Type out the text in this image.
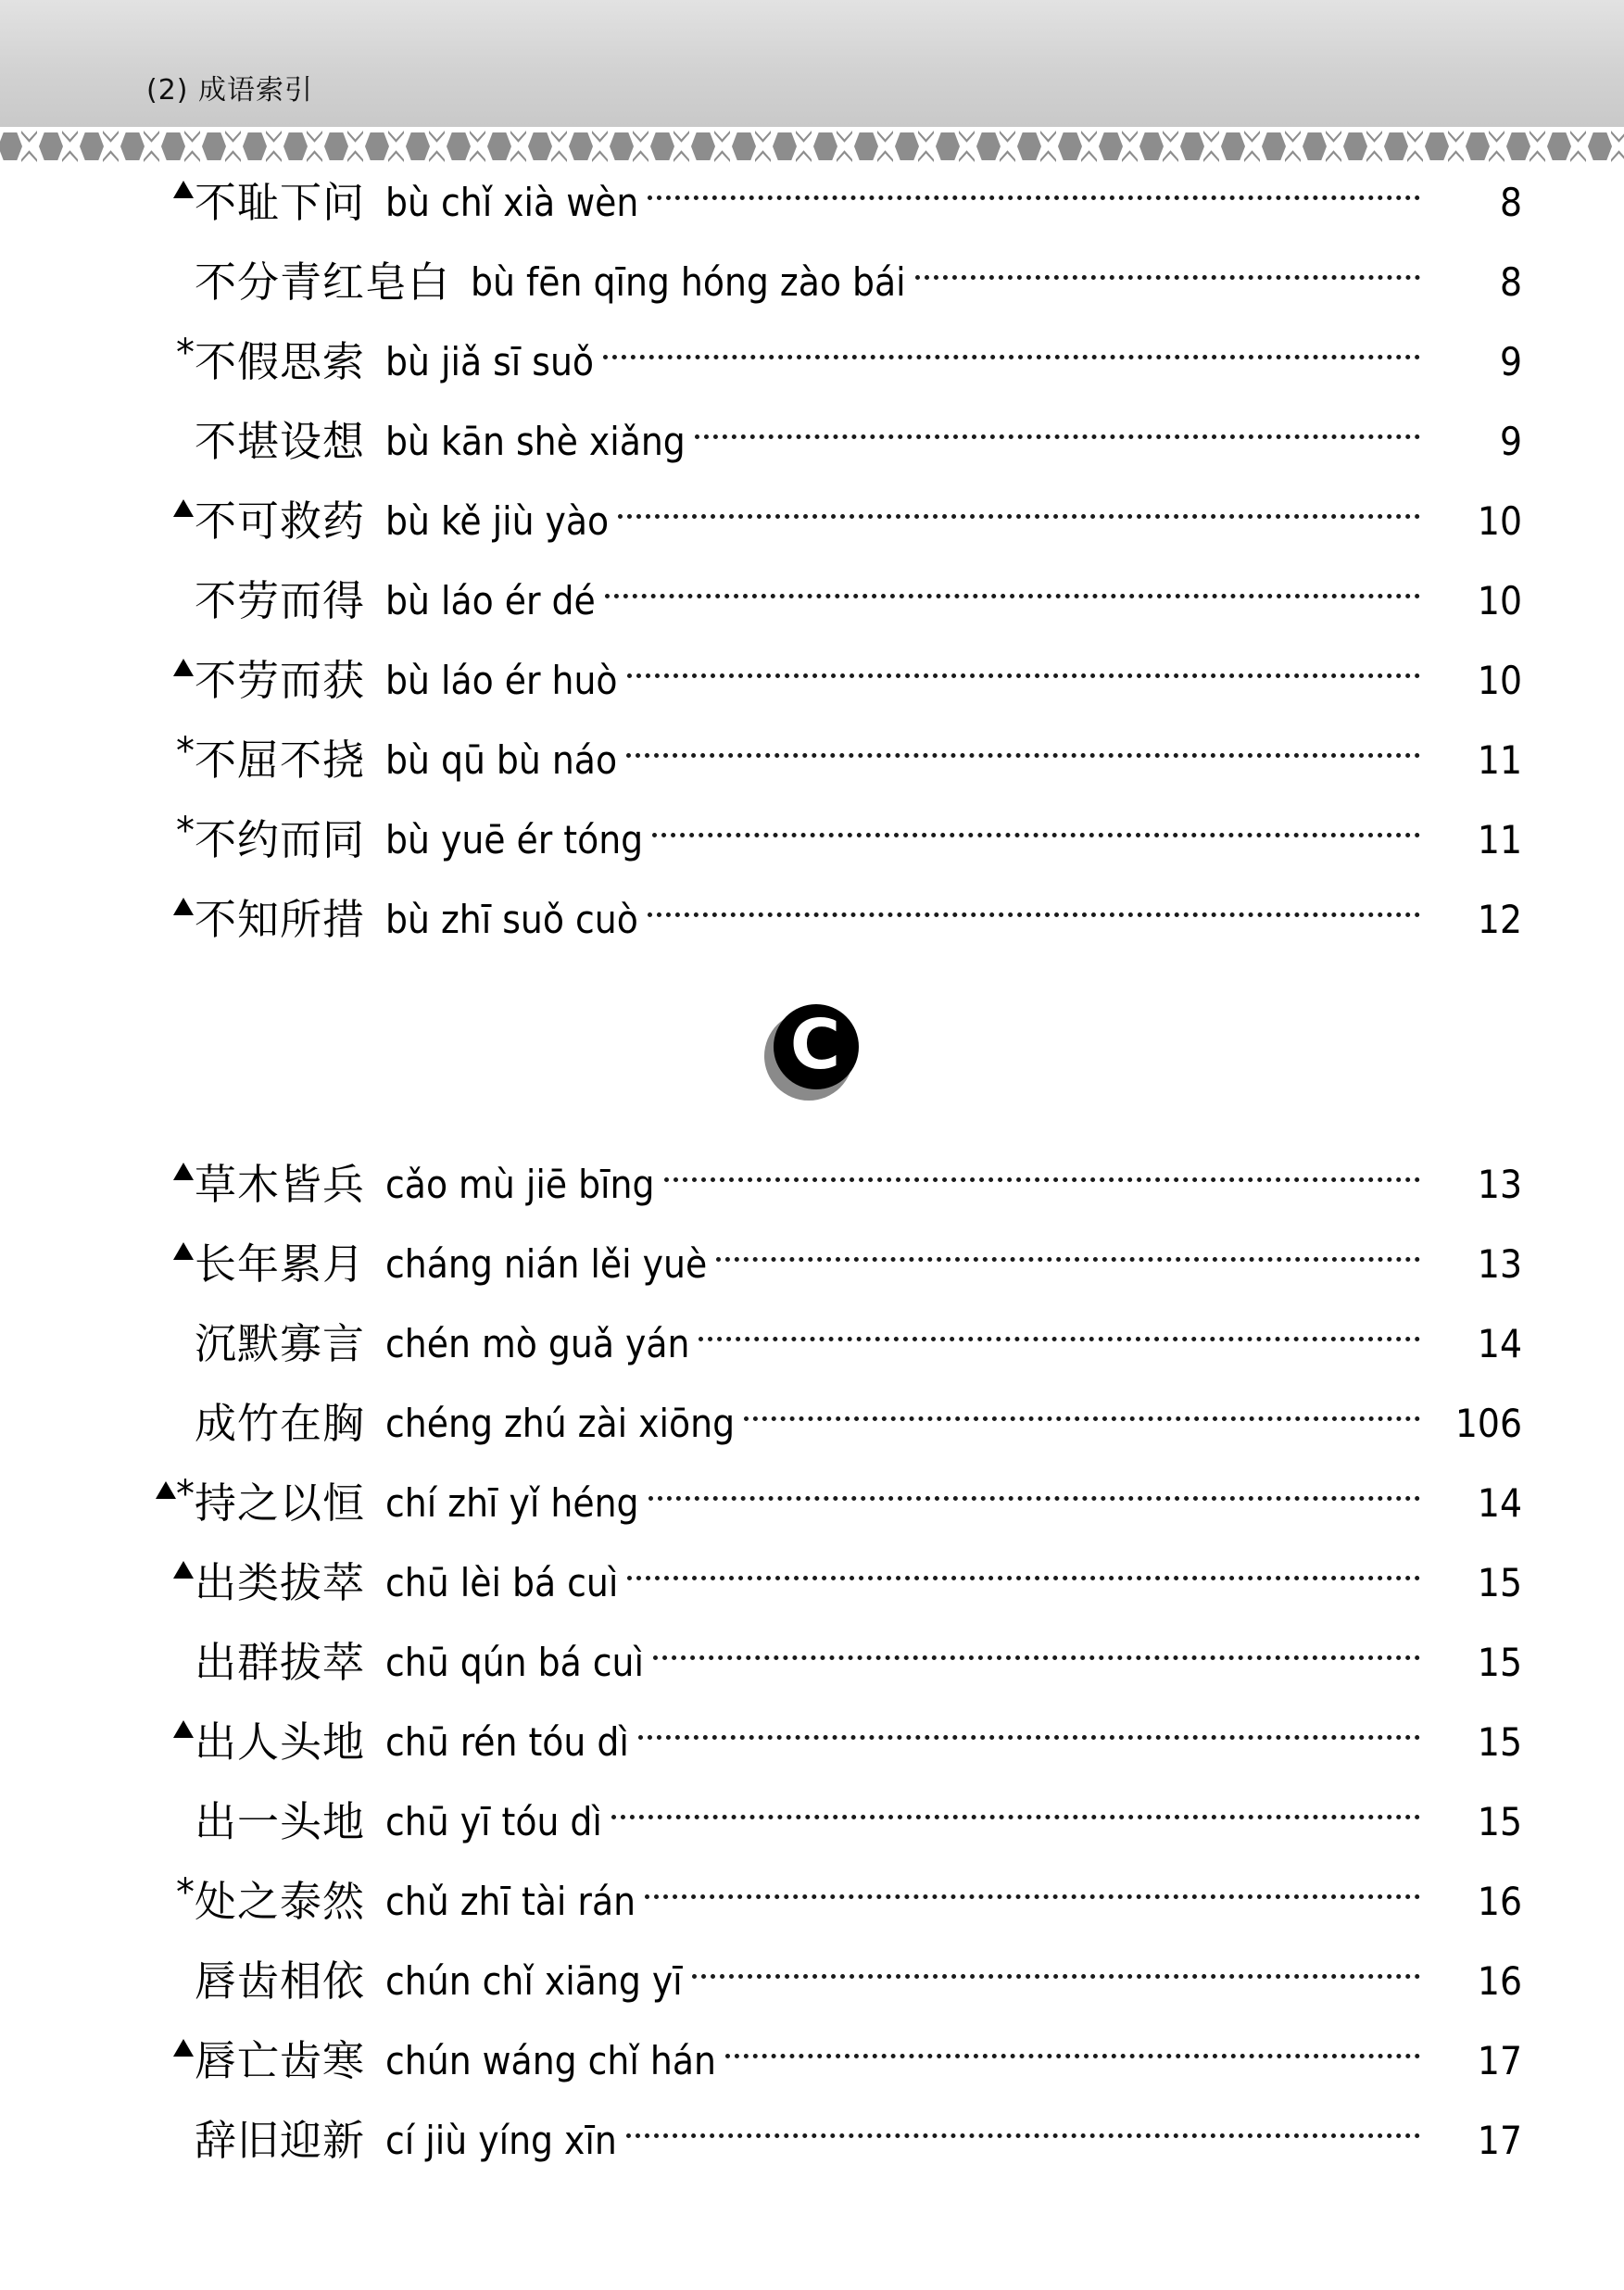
(2) 成语索引
不耻下问 bù chǐ xià wèn	8
不分青红皂白 bù fēn qīng hóng zào bái	8
* 不假思索 bù jiǎ sī suǒ	9
不堪设想 bù kān shè xiǎng	9
不可救药 bù kě jiù yào	10
不劳而得 bù láo ér dé	10
不劳而获 bù láo ér huò	10
* 不屈不挠 bù qū bù náo	11
* 不约而同 bù yuē ér tóng	11
不知所措 bù zhī suǒ cuò	12
C
草木皆兵 cǎo mù jiē bīng	13
长年累月 cháng nián lěi yuè	13
沉默寡言 chén mò guǎ yán	14
成竹在胸 chéng zhú zài xiōng	106
* 持之以恒 chí zhī yǐ héng	14
出类拔萃 chū lèi bá cuì	15
出群拔萃 chū qún bá cuì	15
出人头地 chū rén tóu dì	15
出一头地 chū yī tóu dì	15
* 处之泰然 chǔ zhī tài rán	16
唇齿相依 chún chǐ xiāng yī	16
唇亡齿寒 chún wáng chǐ hán	17
辞旧迎新 cí jiù yíng xīn	17
